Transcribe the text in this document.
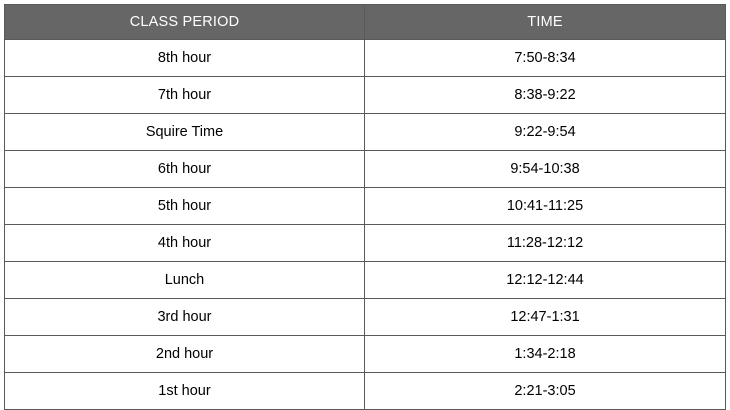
CLASS PERIOD	TIME
8th hour	7:50-8:34
7th hour	8:38-9:22
Squire Time	9:22-9:54
6th hour	9:54-10:38
5th hour	10:41-11:25
4th hour	11:28-12:12
Lunch	12:12-12:44
3rd hour	12:47-1:31
2nd hour	1:34-2:18
1st hour	2:21-3:05
